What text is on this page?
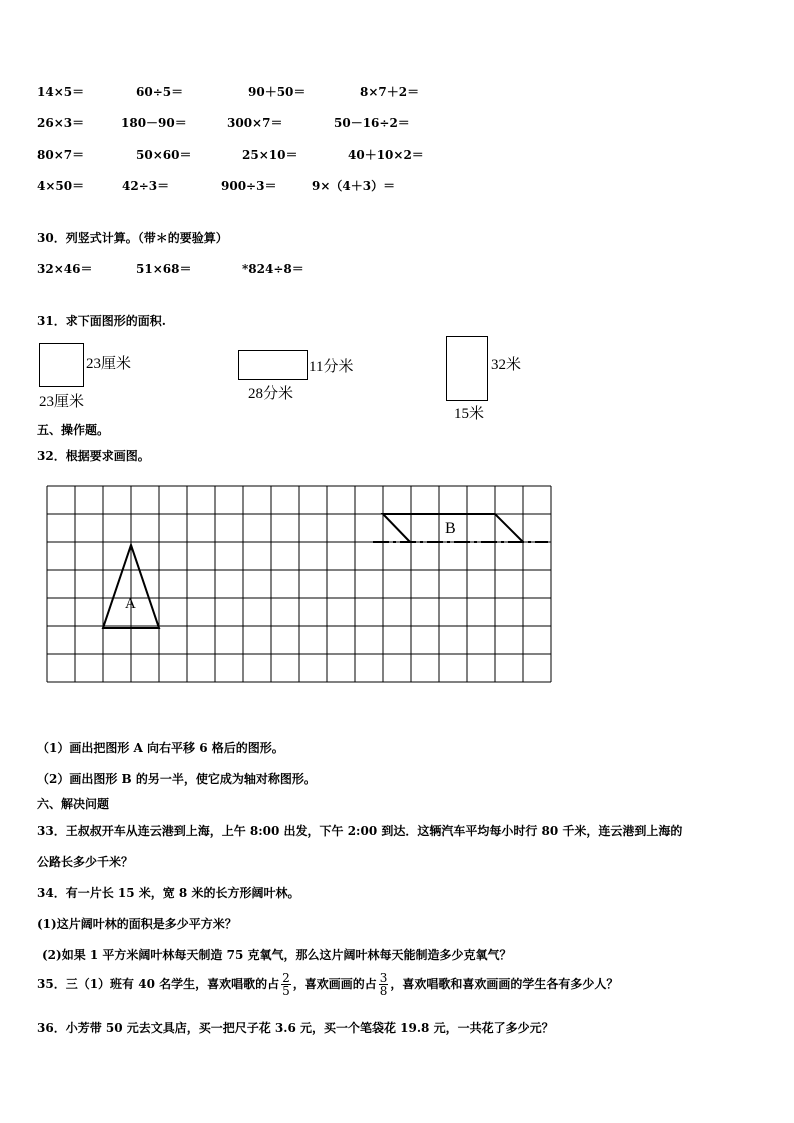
14×5＝	60÷5＝	90＋50＝	8×7＋2＝
26×3＝	180－90＝	300×7＝	50－16÷2＝
80×7＝	50×60＝	25×10＝	40＋10×2＝
4×50＝	42÷3＝	900÷3＝	9×（4＋3）＝
30．列竖式计算。（带＊的要验算）
32×46＝	51×68＝	*824÷8＝
31．求下面图形的面积.
23厘米
23厘米
11分米
28分米
32米
15米
五、操作题。
32．根据要求画图。
A
B
（1）画出把图形 A 向右平移 6 格后的图形。
（2）画出图形 B 的另一半，使它成为轴对称图形。
六、解决问题
33．王叔叔开车从连云港到上海，上午 8:00 出发，下午 2:00 到达．这辆汽车平均每小时行 80 千米，连云港到上海的
公路长多少千米？
34．有一片长 15 米，宽 8 米的长方形阔叶林。
(1)这片阔叶林的面积是多少平方米？
(2)如果 1 平方米阔叶林每天制造 75 克氧气，那么这片阔叶林每天能制造多少克氧气？
35．三（1）班有 40 名学生，喜欢唱歌的占 $\frac{2}{5}$ ，喜欢画画的占 $\frac{3}{8}$ ，喜欢唱歌和喜欢画画的学生各有多少人？
36．小芳带 50 元去文具店，买一把尺子花 3.6 元，买一个笔袋花 19.8 元，一共花了多少元？
